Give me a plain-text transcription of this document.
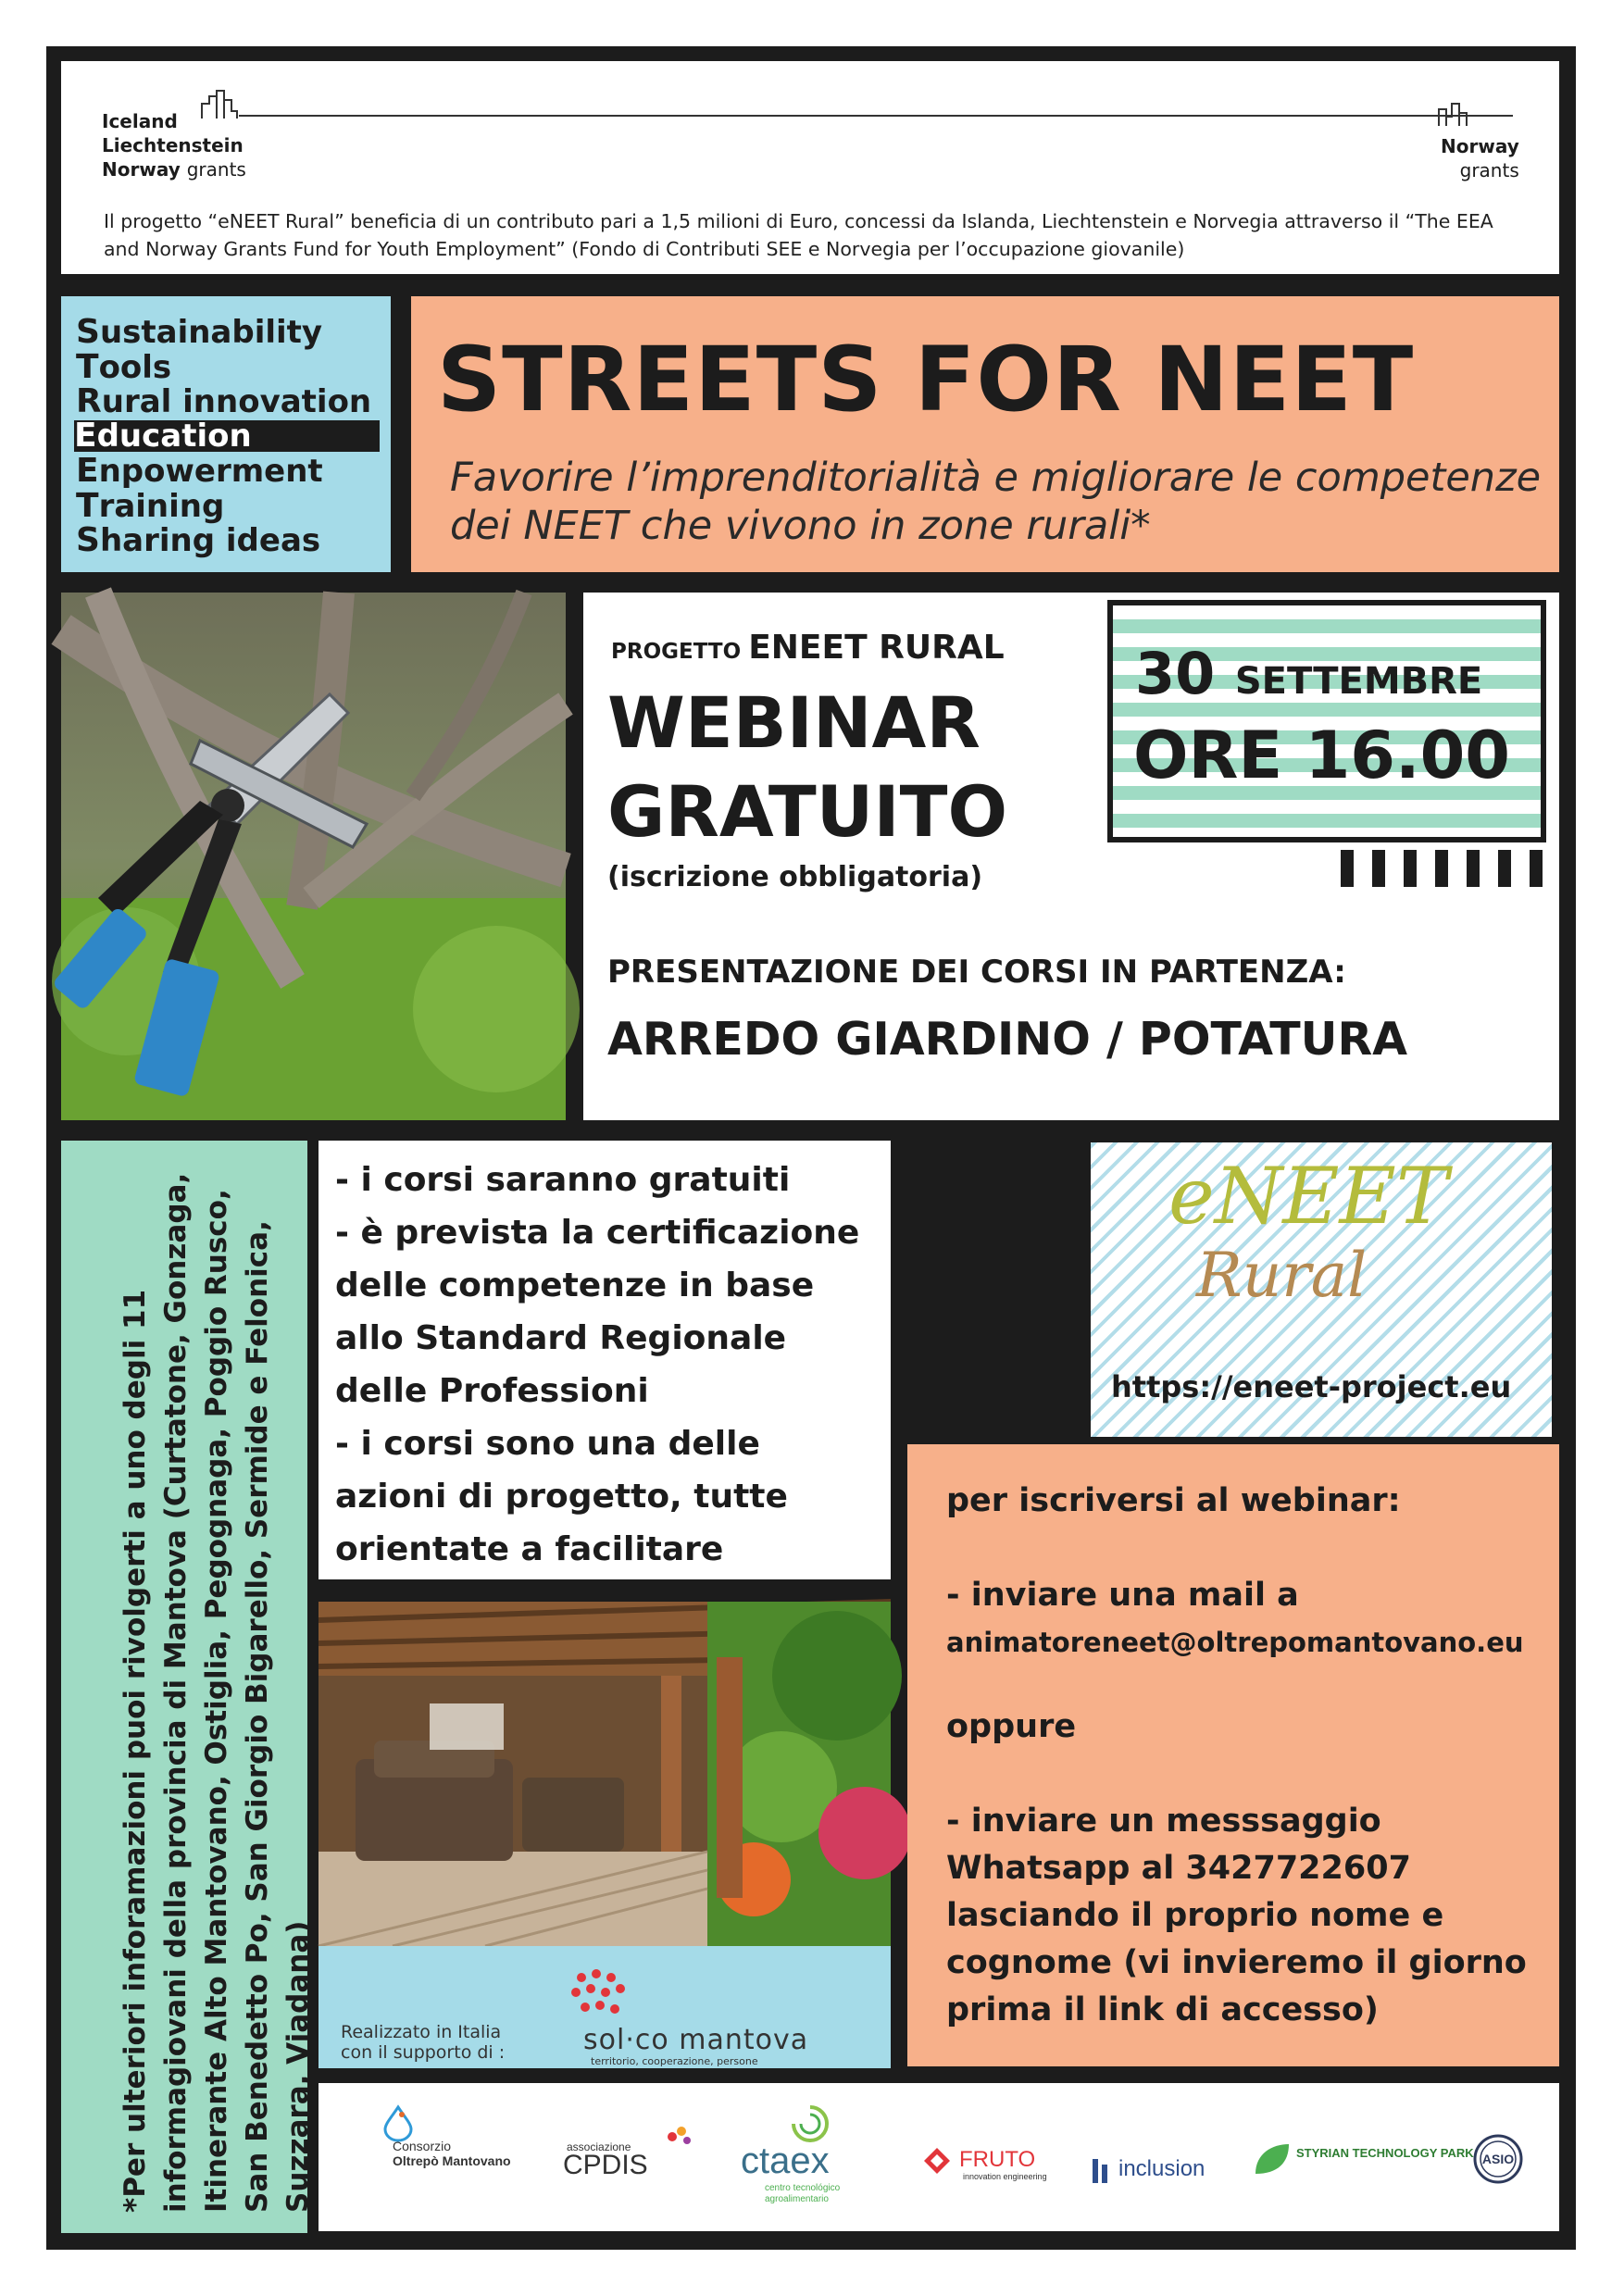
Iceland
Liechtenstein
Norway grants
Norway
grants
Il progetto “eNEET Rural” beneficia di un contributo pari a 1,5 milioni di Euro, concessi da Islanda, Liechtenstein e Norvegia attraverso il “The EEA and Norway Grants Fund for Youth Employment” (Fondo di Contributi SEE e Norvegia per l’occupazione giovanile)
Sustainability
Tools
Rural innovation
Education
Enpowerment
Training
Sharing ideas
STREETS FOR NEET
Favorire l’imprenditorialità e migliorare le competenze dei NEET che vivono in zone rurali*
PROGETTO ENEET RURAL
WEBINAR
GRATUITO
(iscrizione obbligatoria)
PRESENTAZIONE DEI CORSI IN PARTENZA:
ARREDO GIARDINO / POTATURA
30 SETTEMBRE
ORE 16.00
*Per ulteriori inforamazioni puoi rivolgerti a uno degli 11 informagiovani della provincia di Mantova (Curtatone, Gonzaga, Itinerante Alto Mantovano, Ostiglia, Pegognaga, Poggio Rusco, San Benedetto Po, San Giorgio Bigarello, Sermide e Felonica, Suzzara, Viadana)
- i corsi saranno gratuiti
- è prevista la certificazione delle competenze in base allo Standard Regionale delle Professioni
- i corsi sono una delle azioni di progetto, tutte orientate a facilitare
eNEET
Rural
https://eneet-project.eu
per iscriversi al webinar:
- inviare una mail a
animatoreneet@oltrepomantovano.eu
oppure
- inviare un messsaggio Whatsapp al 3427722607 lasciando il proprio nome e cognome (vi invieremo il giorno prima il link di accesso)
Realizzato in Italia
con il supporto di :	sol·co mantova
territorio, cooperazione, persone
Consorzio
Oltrepò Mantovano
associazione
CPDIS	ctaex
centro tecnológico
agroalimentario
FRUTO
innovation engineering	inclusion
STYRIAN TECHNOLOGY PARK ASIO
